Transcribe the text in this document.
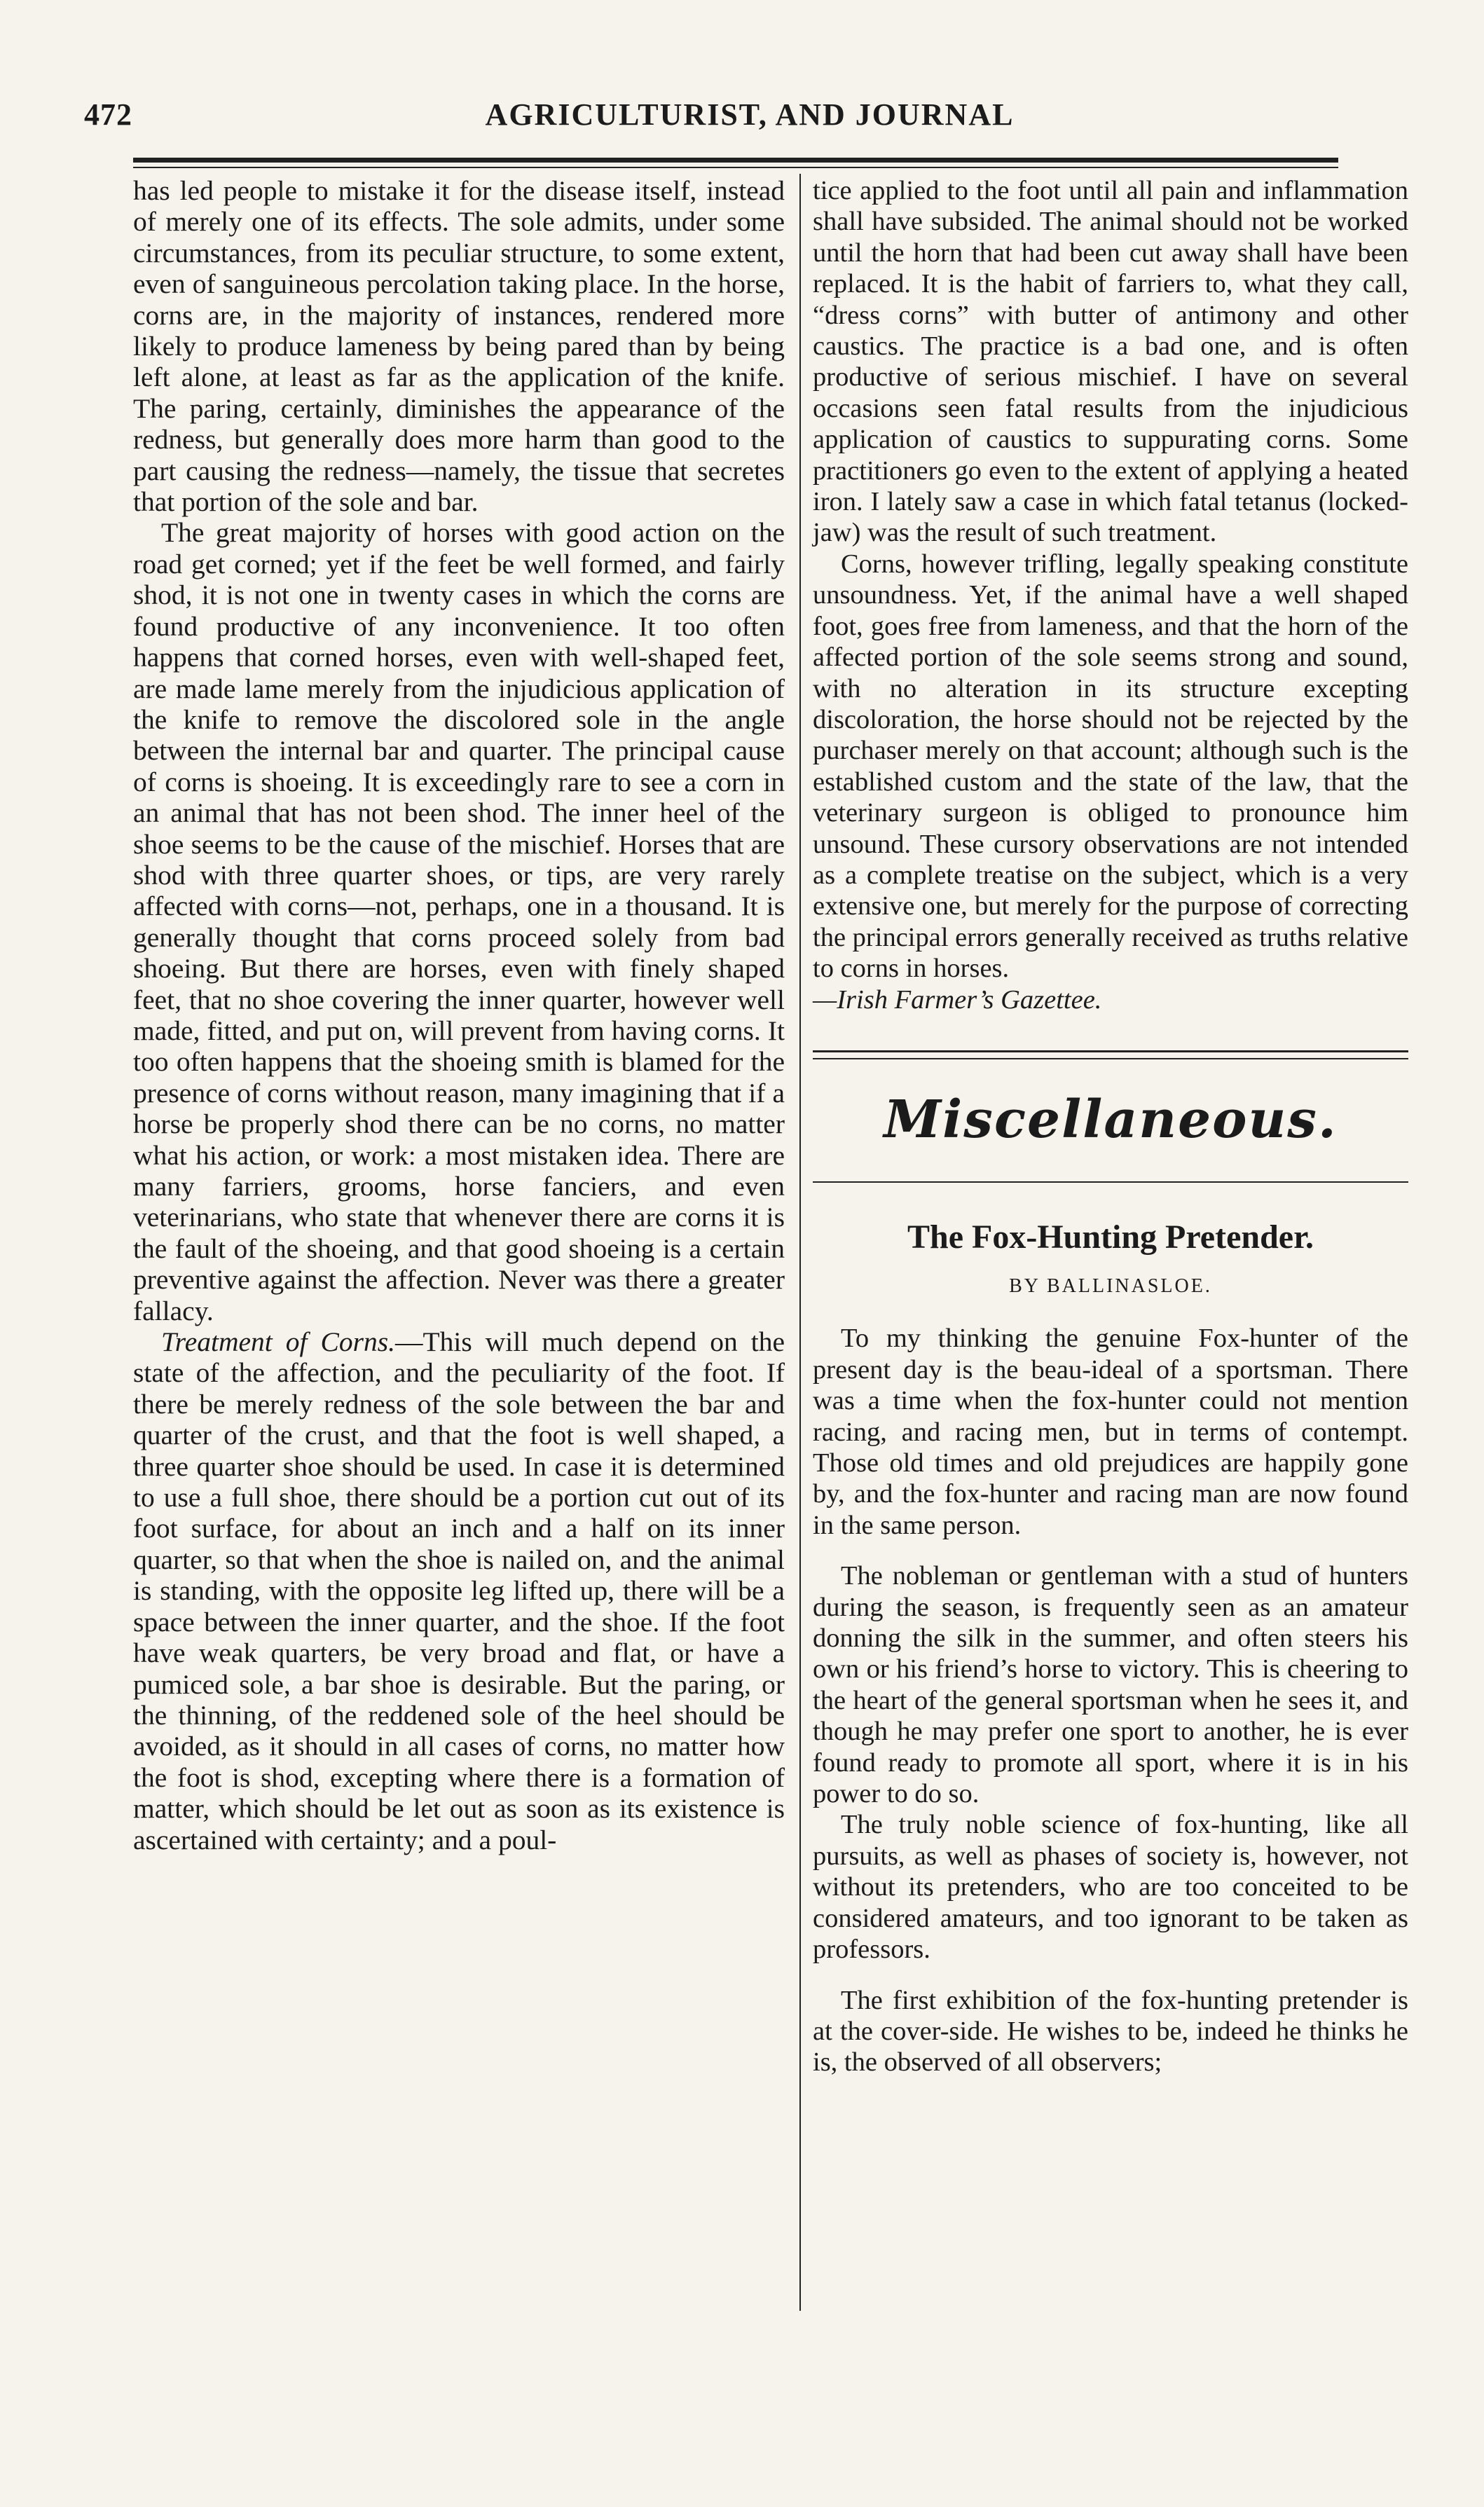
472	AGRICULTURIST, AND JOURNAL

has led people to mistake it for the disease itself, instead of merely one of its effects. The sole admits, under some circumstances, from its peculiar structure, to some extent, even of sanguineous percolation taking place. In the horse, corns are, in the majority of instances, rendered more likely to produce lameness by being pared than by being left alone, at least as far as the application of the knife. The paring, certainly, diminishes the appearance of the redness, but generally does more harm than good to the part causing the redness—namely, the tissue that secretes that portion of the sole and bar.

The great majority of horses with good action on the road get corned; yet if the feet be well formed, and fairly shod, it is not one in twenty cases in which the corns are found productive of any inconvenience. It too often happens that corned horses, even with well-shaped feet, are made lame merely from the injudicious application of the knife to remove the discolored sole in the angle between the internal bar and quarter. The principal cause of corns is shoeing. It is exceedingly rare to see a corn in an animal that has not been shod. The inner heel of the shoe seems to be the cause of the mischief. Horses that are shod with three quarter shoes, or tips, are very rarely affected with corns—not, perhaps, one in a thousand. It is generally thought that corns proceed solely from bad shoeing. But there are horses, even with finely shaped feet, that no shoe covering the inner quarter, however well made, fitted, and put on, will prevent from having corns. It too often happens that the shoeing smith is blamed for the presence of corns without reason, many imagining that if a horse be properly shod there can be no corns, no matter what his action, or work: a most mistaken idea. There are many farriers, grooms, horse fanciers, and even veterinarians, who state that whenever there are corns it is the fault of the shoeing, and that good shoeing is a certain preventive against the affection. Never was there a greater fallacy.

Treatment of Corns.—This will much depend on the state of the affection, and the peculiarity of the foot. If there be merely redness of the sole between the bar and quarter of the crust, and that the foot is well shaped, a three quarter shoe should be used. In case it is determined to use a full shoe, there should be a portion cut out of its foot surface, for about an inch and a half on its inner quarter, so that when the shoe is nailed on, and the animal is standing, with the opposite leg lifted up, there will be a space between the inner quarter, and the shoe. If the foot have weak quarters, be very broad and flat, or have a pumiced sole, a bar shoe is desirable. But the paring, or the thinning, of the reddened sole of the heel should be avoided, as it should in all cases of corns, no matter how the foot is shod, excepting where there is a formation of matter, which should be let out as soon as its existence is ascertained with certainty; and a poul-

tice applied to the foot until all pain and inflammation shall have subsided. The animal should not be worked until the horn that had been cut away shall have been replaced. It is the habit of farriers to, what they call, “dress corns” with butter of antimony and other caustics. The practice is a bad one, and is often productive of serious mischief. I have on several occasions seen fatal results from the injudicious application of caustics to suppurating corns. Some practitioners go even to the extent of applying a heated iron. I lately saw a case in which fatal tetanus (locked-jaw) was the result of such treatment.

Corns, however trifling, legally speaking constitute unsoundness. Yet, if the animal have a well shaped foot, goes free from lameness, and that the horn of the affected portion of the sole seems strong and sound, with no alteration in its structure excepting discoloration, the horse should not be rejected by the purchaser merely on that account; although such is the established custom and the state of the law, that the veterinary surgeon is obliged to pronounce him unsound. These cursory observations are not intended as a complete treatise on the subject, which is a very extensive one, but merely for the purpose of correcting the principal errors generally received as truths relative to corns in horses.

—Irish Farmer’s Gazettee.

Miscellaneous.
The Fox-Hunting Pretender.
BY BALLINASLOE.

To my thinking the genuine Fox-hunter of the present day is the beau-ideal of a sportsman. There was a time when the fox-hunter could not mention racing, and racing men, but in terms of contempt. Those old times and old prejudices are happily gone by, and the fox-hunter and racing man are now found in the same person.

The nobleman or gentleman with a stud of hunters during the season, is frequently seen as an amateur donning the silk in the summer, and often steers his own or his friend’s horse to victory. This is cheering to the heart of the general sportsman when he sees it, and though he may prefer one sport to another, he is ever found ready to promote all sport, where it is in his power to do so.

The truly noble science of fox-hunting, like all pursuits, as well as phases of society is, however, not without its pretenders, who are too conceited to be considered amateurs, and too ignorant to be taken as professors.

The first exhibition of the fox-hunting pretender is at the cover-side. He wishes to be, indeed he thinks he is, the observed of all observers;
